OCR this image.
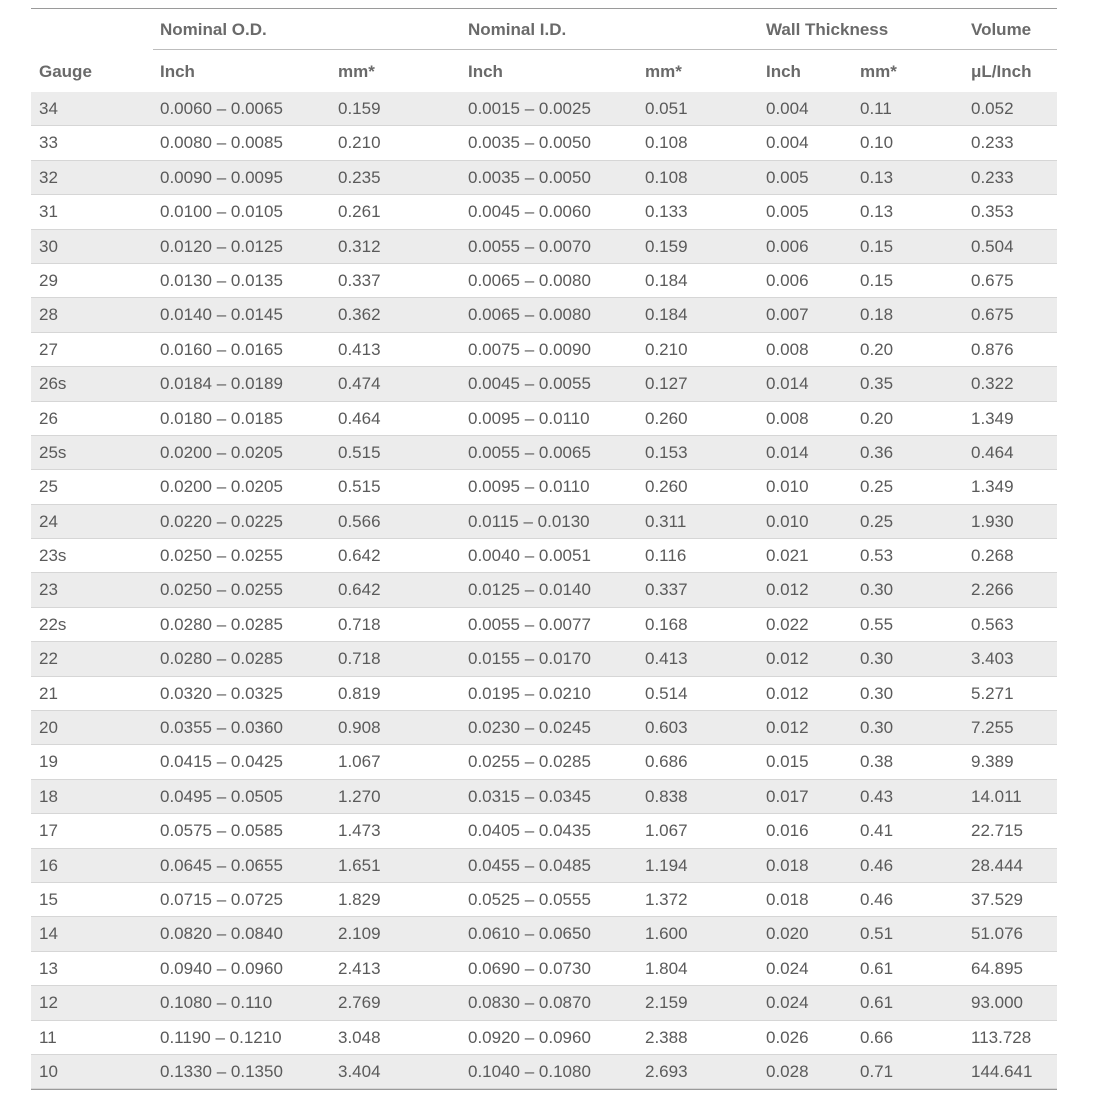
Nominal O.D.	Nominal I.D.	Wall Thickness	Volume
Gauge	Inch	mm*	Inch	mm*	Inch	mm*	μL/Inch
34	0.0060 – 0.0065	0.159	0.0015 – 0.0025	0.051	0.004	0.11	0.052
33	0.0080 – 0.0085	0.210	0.0035 – 0.0050	0.108	0.004	0.10	0.233
32	0.0090 – 0.0095	0.235	0.0035 – 0.0050	0.108	0.005	0.13	0.233
31	0.0100 – 0.0105	0.261	0.0045 – 0.0060	0.133	0.005	0.13	0.353
30	0.0120 – 0.0125	0.312	0.0055 – 0.0070	0.159	0.006	0.15	0.504
29	0.0130 – 0.0135	0.337	0.0065 – 0.0080	0.184	0.006	0.15	0.675
28	0.0140 – 0.0145	0.362	0.0065 – 0.0080	0.184	0.007	0.18	0.675
27	0.0160 – 0.0165	0.413	0.0075 – 0.0090	0.210	0.008	0.20	0.876
26s	0.0184 – 0.0189	0.474	0.0045 – 0.0055	0.127	0.014	0.35	0.322
26	0.0180 – 0.0185	0.464	0.0095 – 0.0110	0.260	0.008	0.20	1.349
25s	0.0200 – 0.0205	0.515	0.0055 – 0.0065	0.153	0.014	0.36	0.464
25	0.0200 – 0.0205	0.515	0.0095 – 0.0110	0.260	0.010	0.25	1.349
24	0.0220 – 0.0225	0.566	0.0115 – 0.0130	0.311	0.010	0.25	1.930
23s	0.0250 – 0.0255	0.642	0.0040 – 0.0051	0.116	0.021	0.53	0.268
23	0.0250 – 0.0255	0.642	0.0125 – 0.0140	0.337	0.012	0.30	2.266
22s	0.0280 – 0.0285	0.718	0.0055 – 0.0077	0.168	0.022	0.55	0.563
22	0.0280 – 0.0285	0.718	0.0155 – 0.0170	0.413	0.012	0.30	3.403
21	0.0320 – 0.0325	0.819	0.0195 – 0.0210	0.514	0.012	0.30	5.271
20	0.0355 – 0.0360	0.908	0.0230 – 0.0245	0.603	0.012	0.30	7.255
19	0.0415 – 0.0425	1.067	0.0255 – 0.0285	0.686	0.015	0.38	9.389
18	0.0495 – 0.0505	1.270	0.0315 – 0.0345	0.838	0.017	0.43	14.011
17	0.0575 – 0.0585	1.473	0.0405 – 0.0435	1.067	0.016	0.41	22.715
16	0.0645 – 0.0655	1.651	0.0455 – 0.0485	1.194	0.018	0.46	28.444
15	0.0715 – 0.0725	1.829	0.0525 – 0.0555	1.372	0.018	0.46	37.529
14	0.0820 – 0.0840	2.109	0.0610 – 0.0650	1.600	0.020	0.51	51.076
13	0.0940 – 0.0960	2.413	0.0690 – 0.0730	1.804	0.024	0.61	64.895
12	0.1080 – 0.110	2.769	0.0830 – 0.0870	2.159	0.024	0.61	93.000
11	0.1190 – 0.1210	3.048	0.0920 – 0.0960	2.388	0.026	0.66	113.728
10	0.1330 – 0.1350	3.404	0.1040 – 0.1080	2.693	0.028	0.71	144.641
